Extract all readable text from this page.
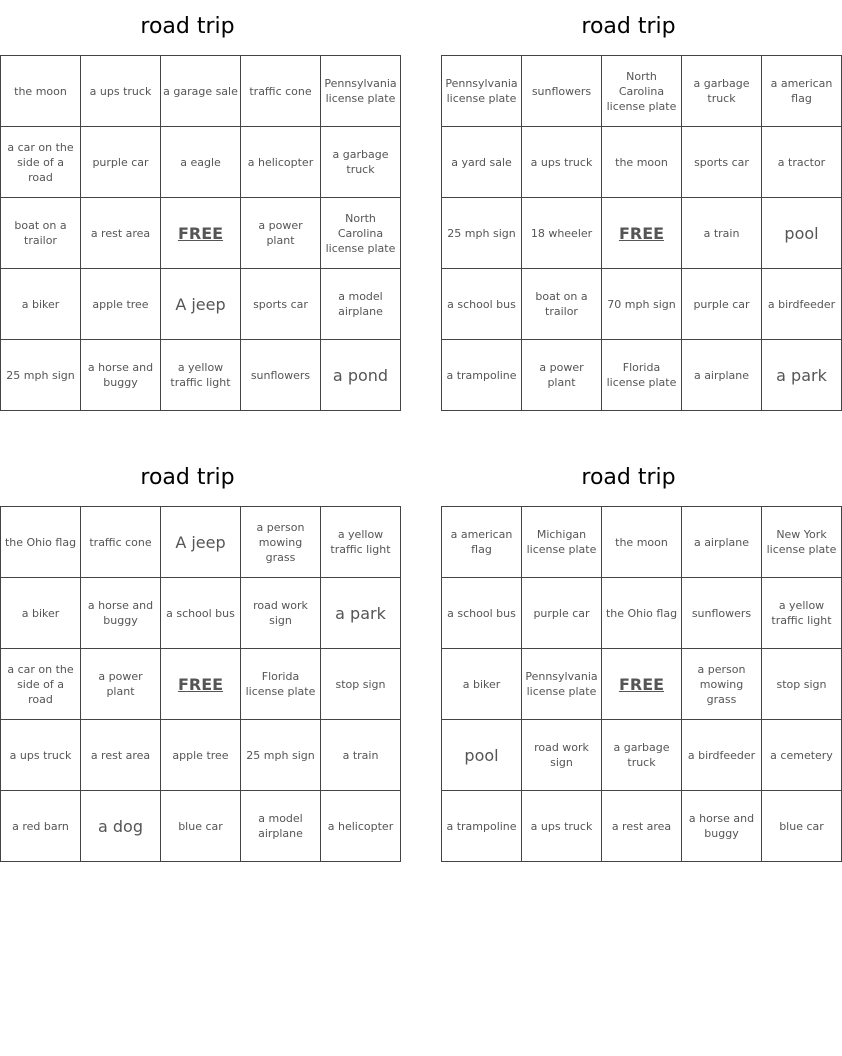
road trip
the moon	a ups truck	a garage sale	traffic cone	Pennsylvania license plate
a car on the side of a road	purple car	a eagle	a helicopter	a garbage truck
boat on a trailor	a rest area	FREE	a power plant	North Carolina license plate
a biker	apple tree	A jeep	sports car	a model airplane
25 mph sign	a horse and buggy	a yellow traffic light	sunflowers	a pond
road trip
Pennsylvania license plate	sunflowers	North Carolina license plate	a garbage truck	a american flag
a yard sale	a ups truck	the moon	sports car	a tractor
25 mph sign	18 wheeler	FREE	a train	pool
a school bus	boat on a trailor	70 mph sign	purple car	a birdfeeder
a trampoline	a power plant	Florida license plate	a airplane	a park
road trip
the Ohio flag	traffic cone	A jeep	a person mowing grass	a yellow traffic light
a biker	a horse and buggy	a school bus	road work sign	a park
a car on the side of a road	a power plant	FREE	Florida license plate	stop sign
a ups truck	a rest area	apple tree	25 mph sign	a train
a red barn	a dog	blue car	a model airplane	a helicopter
road trip
a american flag	Michigan license plate	the moon	a airplane	New York license plate
a school bus	purple car	the Ohio flag	sunflowers	a yellow traffic light
a biker	Pennsylvania license plate	FREE	a person mowing grass	stop sign
pool	road work sign	a garbage truck	a birdfeeder	a cemetery
a trampoline	a ups truck	a rest area	a horse and buggy	blue car
